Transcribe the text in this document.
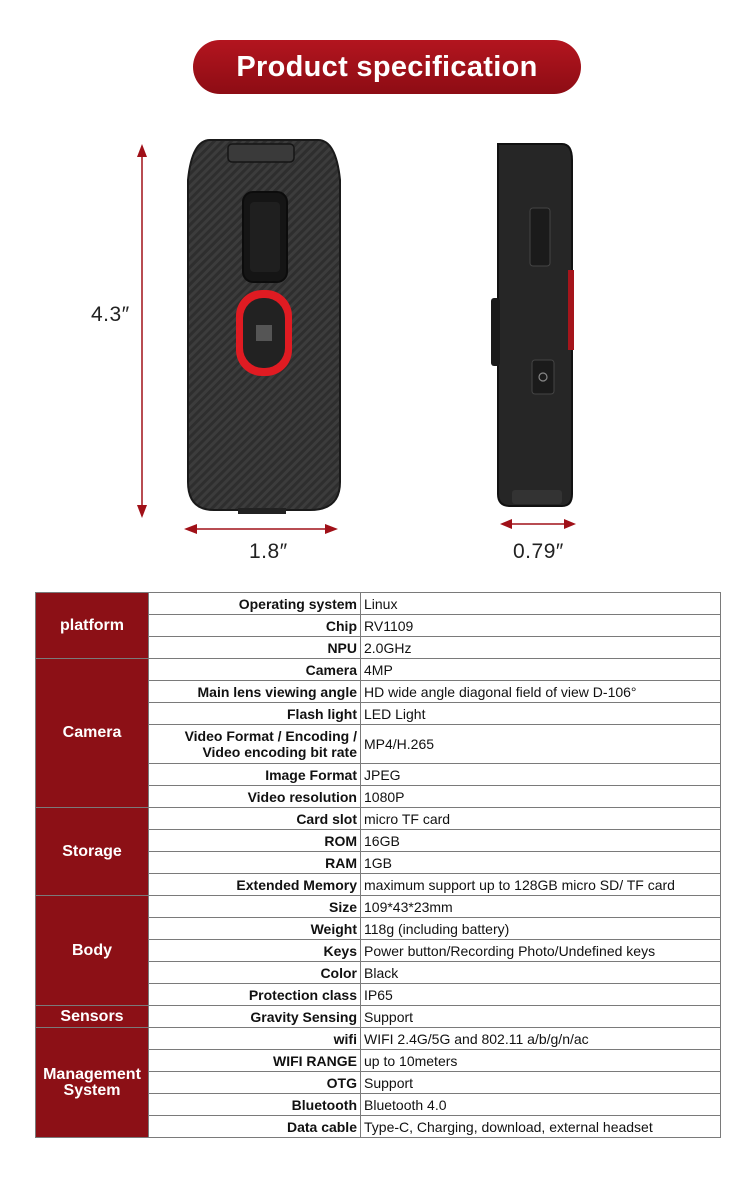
Product specification
4.3″
1.8″	0.79″
platform	Operating system	Linux
	Chip	RV1109
	NPU	2.0GHz
Camera	Camera	4MP
	Main lens viewing angle	HD wide angle diagonal field of view D-106°
	Flash light	LED Light

	Video Format / Encoding /
Video encoding bit rate	MP4/H.265
	Image Format	JPEG
	Video resolution	1080P
Storage	Card slot	micro TF card
	ROM	16GB
	RAM	1GB
	Extended Memory	maximum support up to 128GB micro SD/ TF card
Body	Size	109*43*23mm
	Weight	118g (including battery)
	Keys	Power button/Recording Photo/Undefined keys
	Color	Black
	Protection class	IP65
Sensors	Gravity Sensing	Support

Management
System	wifi	WIFI 2.4G/5G and 802.11 a/b/g/n/ac
	WIFI RANGE	up to 10meters
	OTG	Support
	Bluetooth	Bluetooth 4.0
	Data cable	Type-C, Charging, download, external headset
